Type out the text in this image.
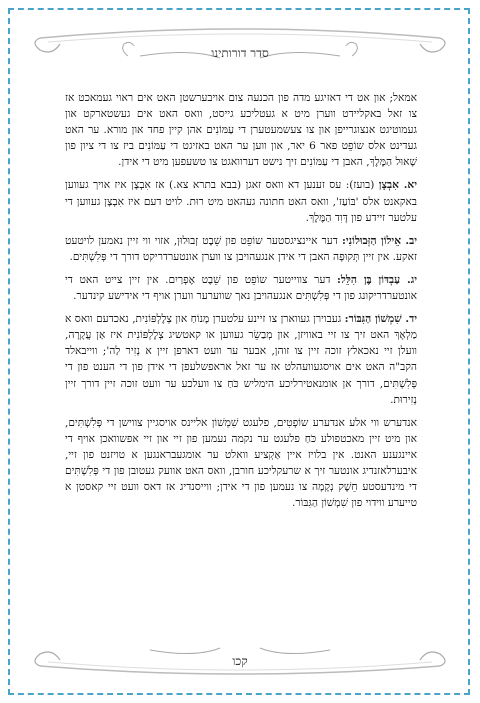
סדר דורותינו

אמאל; און אט די דאזיגע מדה פון הכנעה צום אויבערשטן האט אים ראוי געמאכט אז צו זאל באקליידט ווערן מיט א געטליכע גייסט, וואס האט אים געשטארקט און געמוטיגט אנצוגרייפן און צו צעשמעטערן די עַמּוֹנִים אהן קיין פחד און מורא. ער האט געדינט אלס שוֹפֵט פאר 6 יאר, און ווען ער האט באזיגט די עַמּוֹנִים ביז צו די ציון פון שָׁאוּל הַמֶּלֶךְ, האבן די עַמּוֹנִים זיך נישט דערוואגט צו טשעפען מיט די אידן.

יא. אִבְצָן (בועז): עס זענען דא וואס זאגן (בבא בתרא צא.) אז אִבְצָן איז אויך געווען באקאנט אלס 'בּוֹעַז', וואס האט חתונה געהאט מיט רוּת. לויט דעם איז אִבְצָן געווען די עלטער זיידע פון דָּוִד הַמֶּלֶךְ.

יב. אֵילוֹן הַזְּבוּלוֹנִי: דער איינציגסטער שוֹפֵט פון שֵׁבֶט זְבוּלוּן, אזוי ווי זיין נאמען לויטעט זאקע. אין זיין תְּקוּפָה האבן די אידן אנגעהויבן צו ווערן אונטערדריקט דורך די פְּלִשְׁתִּים.

יג. עַבְדּוֹן בֶּן הִלֵּל: דער צווייטער שוֹפֵט פון שֵׁבֶט אֶפְרַיִם. אין זיין צייט האט די אונטערדריקונג פון די פְּלִשְׁתִּים אנגעהויבן נאך שווערער ווערן אויף די אידישע קינדער.

יד. שִׁמְשׁוֹן הַגִּבּוֹר: געבוירן געווארן צו זיינע עלטערן מָנוֹחַ און צְלֶלְפּוֹנִית, נאכדעם וואס א מַלְאָךְ האט זיך צו זיי באוויזן, און מְבַשֵׂר געווען או קאטשיג צְלֶלְפּוֹנִית איז אַן עֲקָרָה, וועלן זיי נאכאלץ זוכה זיין צו זוהן, אבער ער וועט דארפן זיין א נְזִיר לַה'; ווייבאלד הקב"ה האט אים אויסגעוועהלט אז ער זאל אראפשלעפן די אידן פון די הענט פון די פְּלִשְׁתִּים, דורך אן אומנאטירליכע הימליש כֹּחַ צו וועלכע ער וועט זוכה זיין דורך זיין נְזִירוּת.

אנדערש ווי אלע אנדערע שוֹפְטִים, פלעגט שִׁמְשׁוֹן אליינס אויסגיין צווישן די פְּלִשְׁתִּים, און מיט זיין מאכטפולע כֹּחַ פלעגט ער נקמה נעמען פון זיי און זיי אפשוואכן אויף די איינגענע האנט. אין בלויז איין אַקְציע וואלט ער אומגעבראנגען א טויזנט פון זיי, איבערלאזנדיג אונטער זיך א שרעקליכע חורבן, וואס האט אוועק געטובן פון די פְּלִשְׁתִּים די מינדעסטע חֵשֶׁק נְקָמָה צו נעמען פון די אידן; ווייסנדיג אז דאס וועט זיי קאסטן א טייערע ווידוי פון שִׁמְשׁוֹן הַגִּבּוֹר.

קכו
